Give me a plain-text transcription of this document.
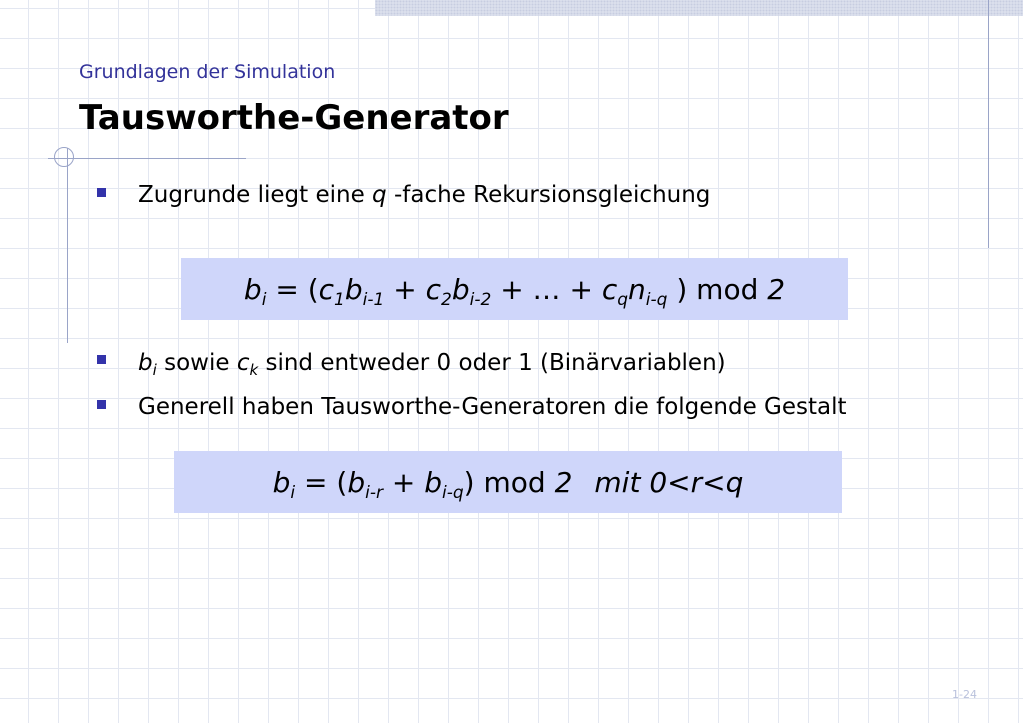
Grundlagen der Simulation
Tausworthe-Generator
Zugrunde liegt eine q -fache Rekursionsgleichung
$b_i = (c_1b_{i-1} + c_2b_{i-2}$ + … + $c_qn_{i-q}$ ) mod 2
$b_i$ sowie $c_k$ sind entweder 0 oder 1 (Binärvariablen)
Generell haben Tausworthe-Generatoren die folgende Gestalt
$b_i = (b_{i-r} + b_{i-q})$ mod 2 mit 0<r<q
1-24
